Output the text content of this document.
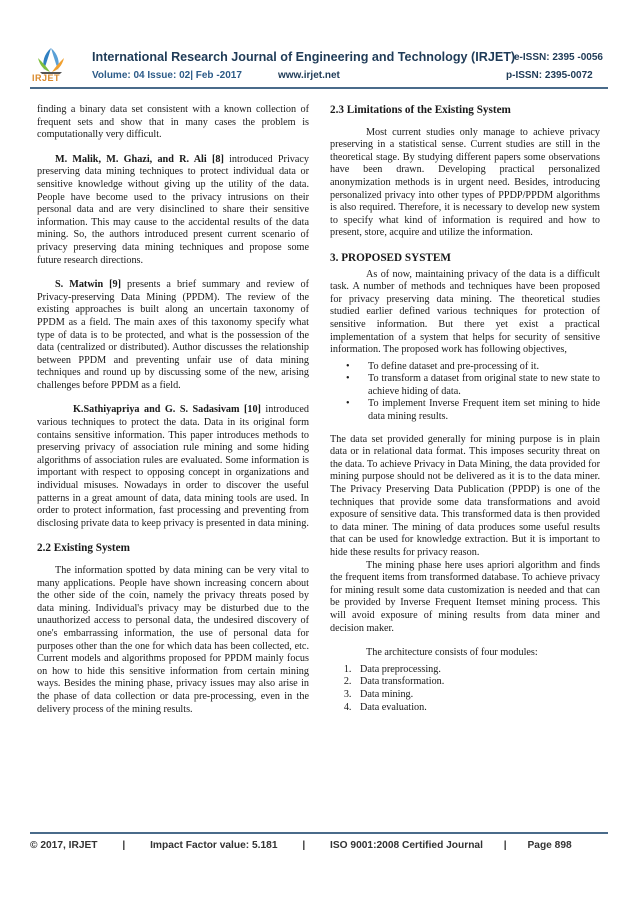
IRJET
International Research Journal of Engineering and Technology (IRJET)
e-ISSN: 2395 -0056
Volume: 04 Issue: 02| Feb -2017	www.irjet.net	p-ISSN: 2395-0072

finding a binary data set consistent with a known collection of frequent sets and show that in many cases the problem is computationally very difficult.

M. Malik, M. Ghazi, and R. Ali [8] introduced Privacy preserving data mining techniques to protect individual data or sensitive knowledge without giving up the utility of the data. People have become used to the privacy intrusions on their personal data and are very disinclined to share their sensitive information. This may cause to the accidental results of the data mining. So, the authors introduced present current scenario of privacy preserving data mining techniques and propose some future research directions.

S. Matwin [9] presents a brief summary and review of Privacy-preserving Data Mining (PPDM). The review of the existing approaches is built along an uncertain taxonomy of PPDM as a field. The main axes of this taxonomy specify what type of data is to be protected, and what is the possession of the data (centralized or distributed). Author discusses the relationship between PPDM and preventing unfair use of data mining techniques and round up by discussing some of the new, arising challenges before PPDM as a field.

K.Sathiyapriya and G. S. Sadasivam [10] introduced various techniques to protect the data. Data in its original form contains sensitive information. This paper introduces methods to preserving privacy of association rule mining and some hiding algorithms of association rules are evaluated. Some information is important with respect to opposing concept in organizations and individual misuses. Nowadays in order to discover the useful patterns in a great amount of data, data mining tools are used. In order to protect information, fast processing and preventing from disclosing private data to keep privacy is presented in data mining.

2.2 Existing System

The information spotted by data mining can be very vital to many applications. People have shown increasing concern about the other side of the coin, namely the privacy threats posed by data mining. Individual's privacy may be disturbed due to the unauthorized access to personal data, the undesired discovery of one's embarrassing information, the use of personal data for purposes other than the one for which data has been collected, etc. Current models and algorithms proposed for PPDM mainly focus on how to hide this sensitive information from certain mining ways. Besides the mining phase, privacy issues may also arise in the phase of data collection or data pre-processing, even in the delivery process of the mining results.

2.3 Limitations of the Existing System

Most current studies only manage to achieve privacy preserving in a statistical sense. Current studies are still in the theoretical stage. By studying different papers some observations have been drawn. Developing practical personalized anonymization methods is in urgent need. Besides, introducing personalized privacy into other types of PPDP/PPDM algorithms is also required. Therefore, it is necessary to develop new system to specify what kind of information is required and how to present, store, acquire and utilize the information.

3. PROPOSED SYSTEM

As of now, maintaining privacy of the data is a difficult task. A number of methods and techniques have been proposed for privacy preserving data mining. The theoretical studies studied earlier defined various techniques for protection of sensitive information. But there yet exist a practical implementation of a system that helps for security of sensitive information. The proposed work has following objectives,

• To define dataset and pre-processing of it.
• To transform a dataset from original state to new state to achieve hiding of data.
• To implement Inverse Frequent item set mining to hide data mining results.

The data set provided generally for mining purpose is in plain data or in relational data format. This imposes security threat on the data. To achieve Privacy in Data Mining, the data provided for mining purpose should not be delivered as it is to the data miner. The Privacy Preserving Data Publication (PPDP) is one of the techniques that provide some data transformations and avoid exposure of sensitive data. This transformed data is then provided to data miner. The mining of data produces some useful results that can be used for knowledge extraction. But it is important to hide these results for privacy reason.

The mining phase here uses apriori algorithm and finds the frequent items from transformed database. To achieve privacy for mining result some data customization is needed and that can be provided by Inverse Frequent Itemset mining process. This will avoid exposure of mining results from data miner and decision maker.

The architecture consists of four modules:

1. Data preprocessing.
2. Data transformation.
3. Data mining.
4. Data evaluation.
© 2017, IRJET | Impact Factor value: 5.181 | ISO 9001:2008 Certified Journal | Page 898
